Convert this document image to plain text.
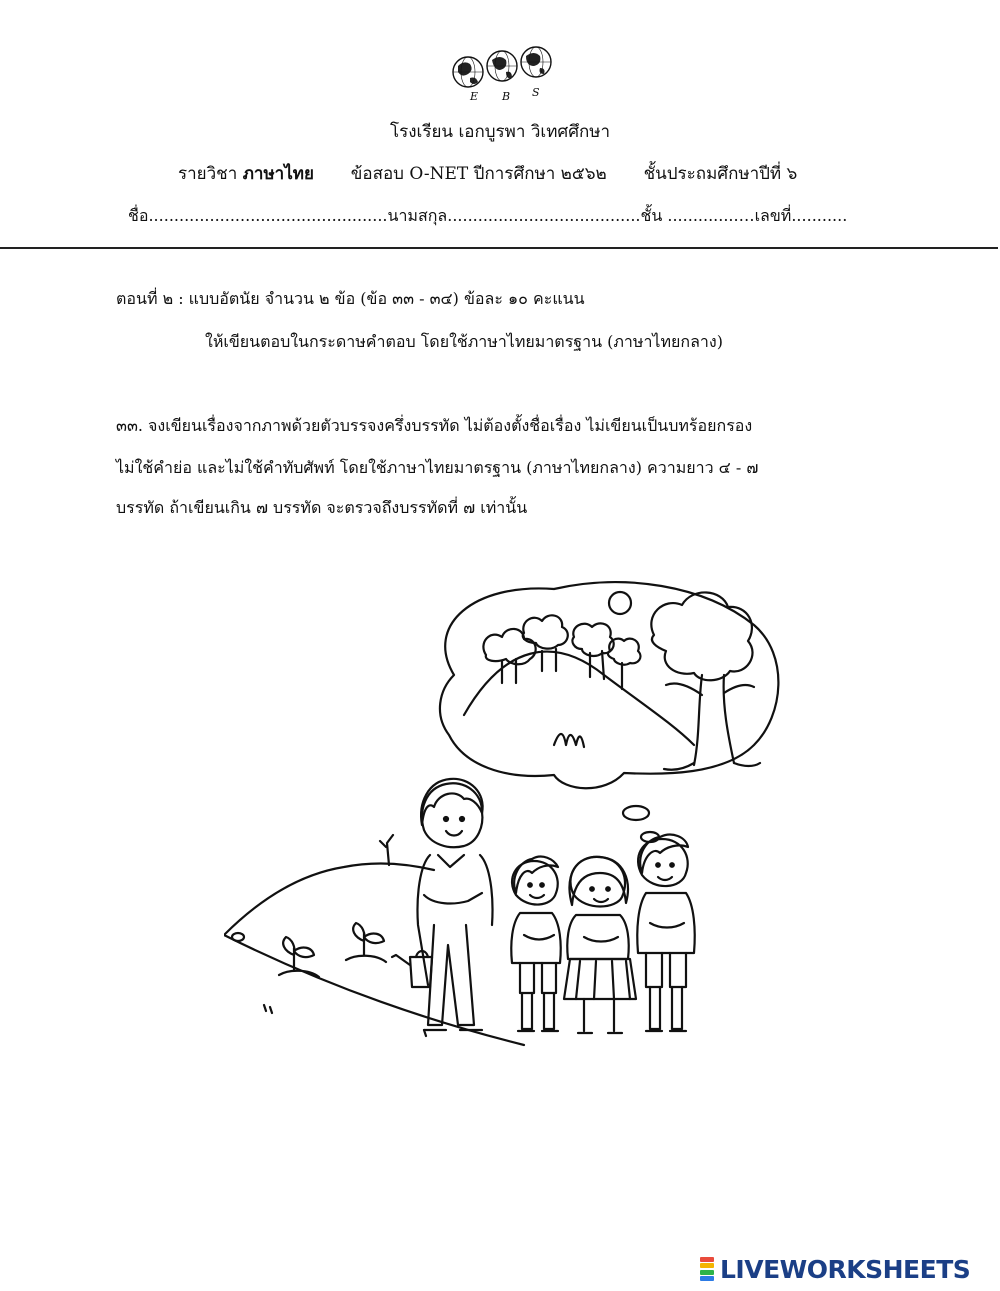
E B S
โรงเรียน เอกบูรพา วิเทศศึกษา
รายวิชา ภาษาไทย ข้อสอบ O-NET ปีการศึกษา ๒๕๖๒ ชั้นประถมศึกษาปีที่ ๖
ชื่อ...............................................นามสกุล......................................ชั้น ..............…เลขที่...........
ตอนที่ ๒ : แบบอัตนัย จำนวน ๒ ข้อ (ข้อ ๓๓ - ๓๔) ข้อละ ๑๐ คะแนน
ให้เขียนตอบในกระดาษคำตอบ โดยใช้ภาษาไทยมาตรฐาน (ภาษาไทยกลาง)
๓๓. จงเขียนเรื่องจากภาพด้วยตัวบรรจงครึ่งบรรทัด ไม่ต้องตั้งชื่อเรื่อง ไม่เขียนเป็นบทร้อยกรอง
ไม่ใช้คำย่อ และไม่ใช้คำทับศัพท์ โดยใช้ภาษาไทยมาตรฐาน (ภาษาไทยกลาง) ความยาว ๔ - ๗
บรรทัด ถ้าเขียนเกิน ๗ บรรทัด จะตรวจถึงบรรทัดที่ ๗ เท่านั้น
LIVEWORKSHEETS
